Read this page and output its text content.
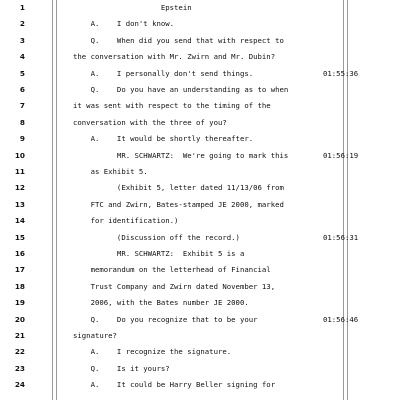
1	Epstein
2	A.    I don't know.
3	Q.    When did you send that with respect to
4	the conversation with Mr. Zwirn and Mr. Dubin?
5	A.    I personally don't send things.	01:55:36
6	Q.    Do you have an understanding as to when
7	it was sent with respect to the timing of the
8	conversation with the three of you?
9	A.    It would be shortly thereafter.
10	MR. SCHWARTZ:  We're going to mark this	01:56:19
11	as Exhibit 5.
12	(Exhibit 5, letter dated 11/13/06 from
13	FTC and Zwirn, Bates-stamped JE 2000, marked
14	for identification.)
15	(Discussion off the record.)	01:56:31
16	MR. SCHWARTZ:  Exhibit 5 is a
17	memorandum on the letterhead of Financial
18	Trust Company and Zwirn dated November 13,
19	2006, with the Bates number JE 2000.
20	Q.    Do you recognize that to be your	01:56:46
21	signature?
22	A.    I recognize the signature.
23	Q.    Is it yours?
24	A.    It could be Harry Beller signing for
